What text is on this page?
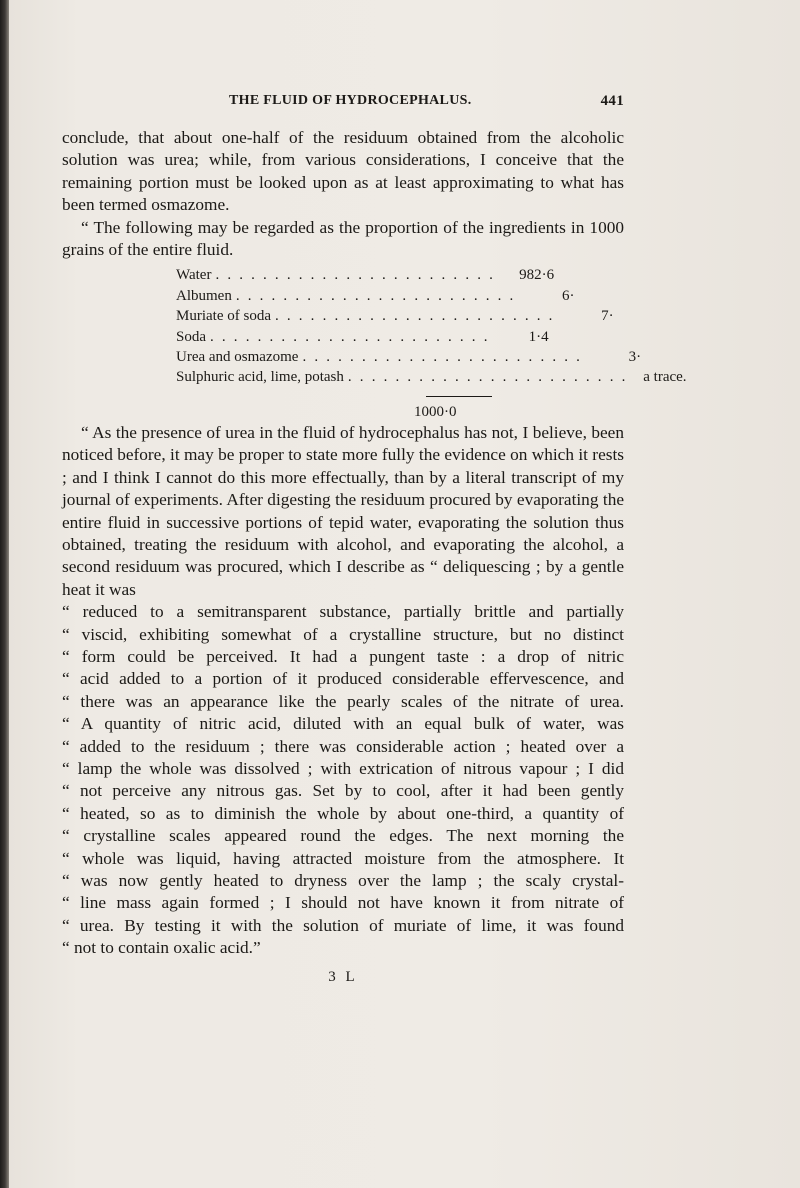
THE FLUID OF HYDROCEPHALUS.	441

conclude, that about one-half of the residuum obtained from the alcoholic solution was urea; while, from various considerations, I conceive that the remaining portion must be looked upon as at least approximating to what has been termed osmazome.

“ The following may be regarded as the proportion of the ingredients in 1000 grains of the entire fluid.

Water . . . . . . . . . . . . . . . . . . . . . . . .	982·6
Albumen . . . . . . . . . . . . . . . . . . . . . . . .	6·
Muriate of soda . . . . . . . . . . . . . . . . . . . . . . . .	7·
Soda . . . . . . . . . . . . . . . . . . . . . . . .	1·4
Urea and osmazome . . . . . . . . . . . . . . . . . . . . . . . .	3·
Sulphuric acid, lime, potash . . . . . . . . . . . . . . . . . . . . . . . .	a trace.
1000·0

“ As the presence of urea in the fluid of hydrocephalus has not, I believe, been noticed before, it may be proper to state more fully the evidence on which it rests ; and I think I cannot do this more effectually, than by a literal transcript of my journal of experiments. After digesting the residuum procured by evaporating the entire fluid in successive portions of tepid water, evaporating the solution thus obtained, treating the residuum with alcohol, and evaporating the alcohol, a second residuum was procured, which I describe as “ deliquescing ; by a gentle heat it was

“ reduced to a semitransparent substance, partially brittle and partially
“ viscid, exhibiting somewhat of a crystalline structure, but no distinct
“ form could be perceived. It had a pungent taste : a drop of nitric
“ acid added to a portion of it produced considerable effervescence, and
“ there was an appearance like the pearly scales of the nitrate of urea.
“ A quantity of nitric acid, diluted with an equal bulk of water, was
“ added to the residuum ; there was considerable action ; heated over a
“ lamp the whole was dissolved ; with extrication of nitrous vapour ; I did
“ not perceive any nitrous gas. Set by to cool, after it had been gently
“ heated, so as to diminish the whole by about one-third, a quantity of
“ crystalline scales appeared round the edges. The next morning the
“ whole was liquid, having attracted moisture from the atmosphere. It
“ was now gently heated to dryness over the lamp ; the scaly crystal-
“ line mass again formed ; I should not have known it from nitrate of
“ urea. By testing it with the solution of muriate of lime, it was found
“ not to contain oxalic acid.”
3 L
